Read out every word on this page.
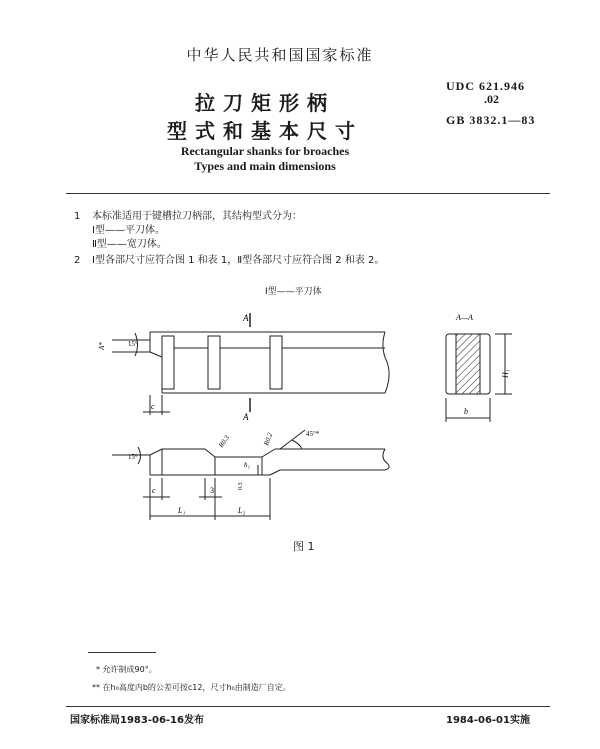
中华人民共和国国家标准
拉刀矩形柄
型式和基本尺寸
UDC 621.946
.02
GB 3832.1—83
Rectangular shanks for broaches
Types and main dimensions
1 本标准适用于键槽拉刀柄部，其结构型式分为：
Ⅰ型——平刀体。
Ⅱ型——宽刀体。
2 Ⅰ型各部尺寸应符合图 1 和表 1，Ⅱ型各部尺寸应符合图 2 和表 2。
Ⅰ型——平刀体
A
A
15°
A*
c
A—A
H₁
b
15°
45°*
R0.3	R0.2
h₁
0.3
c	3
L₁	L₂
图 1
* 允许制成90°。
** 在h₀高度内b的公差可按c12，尺寸h₀由制造厂自定。
国家标准局1983-06-16发布	1984-06-01实施
